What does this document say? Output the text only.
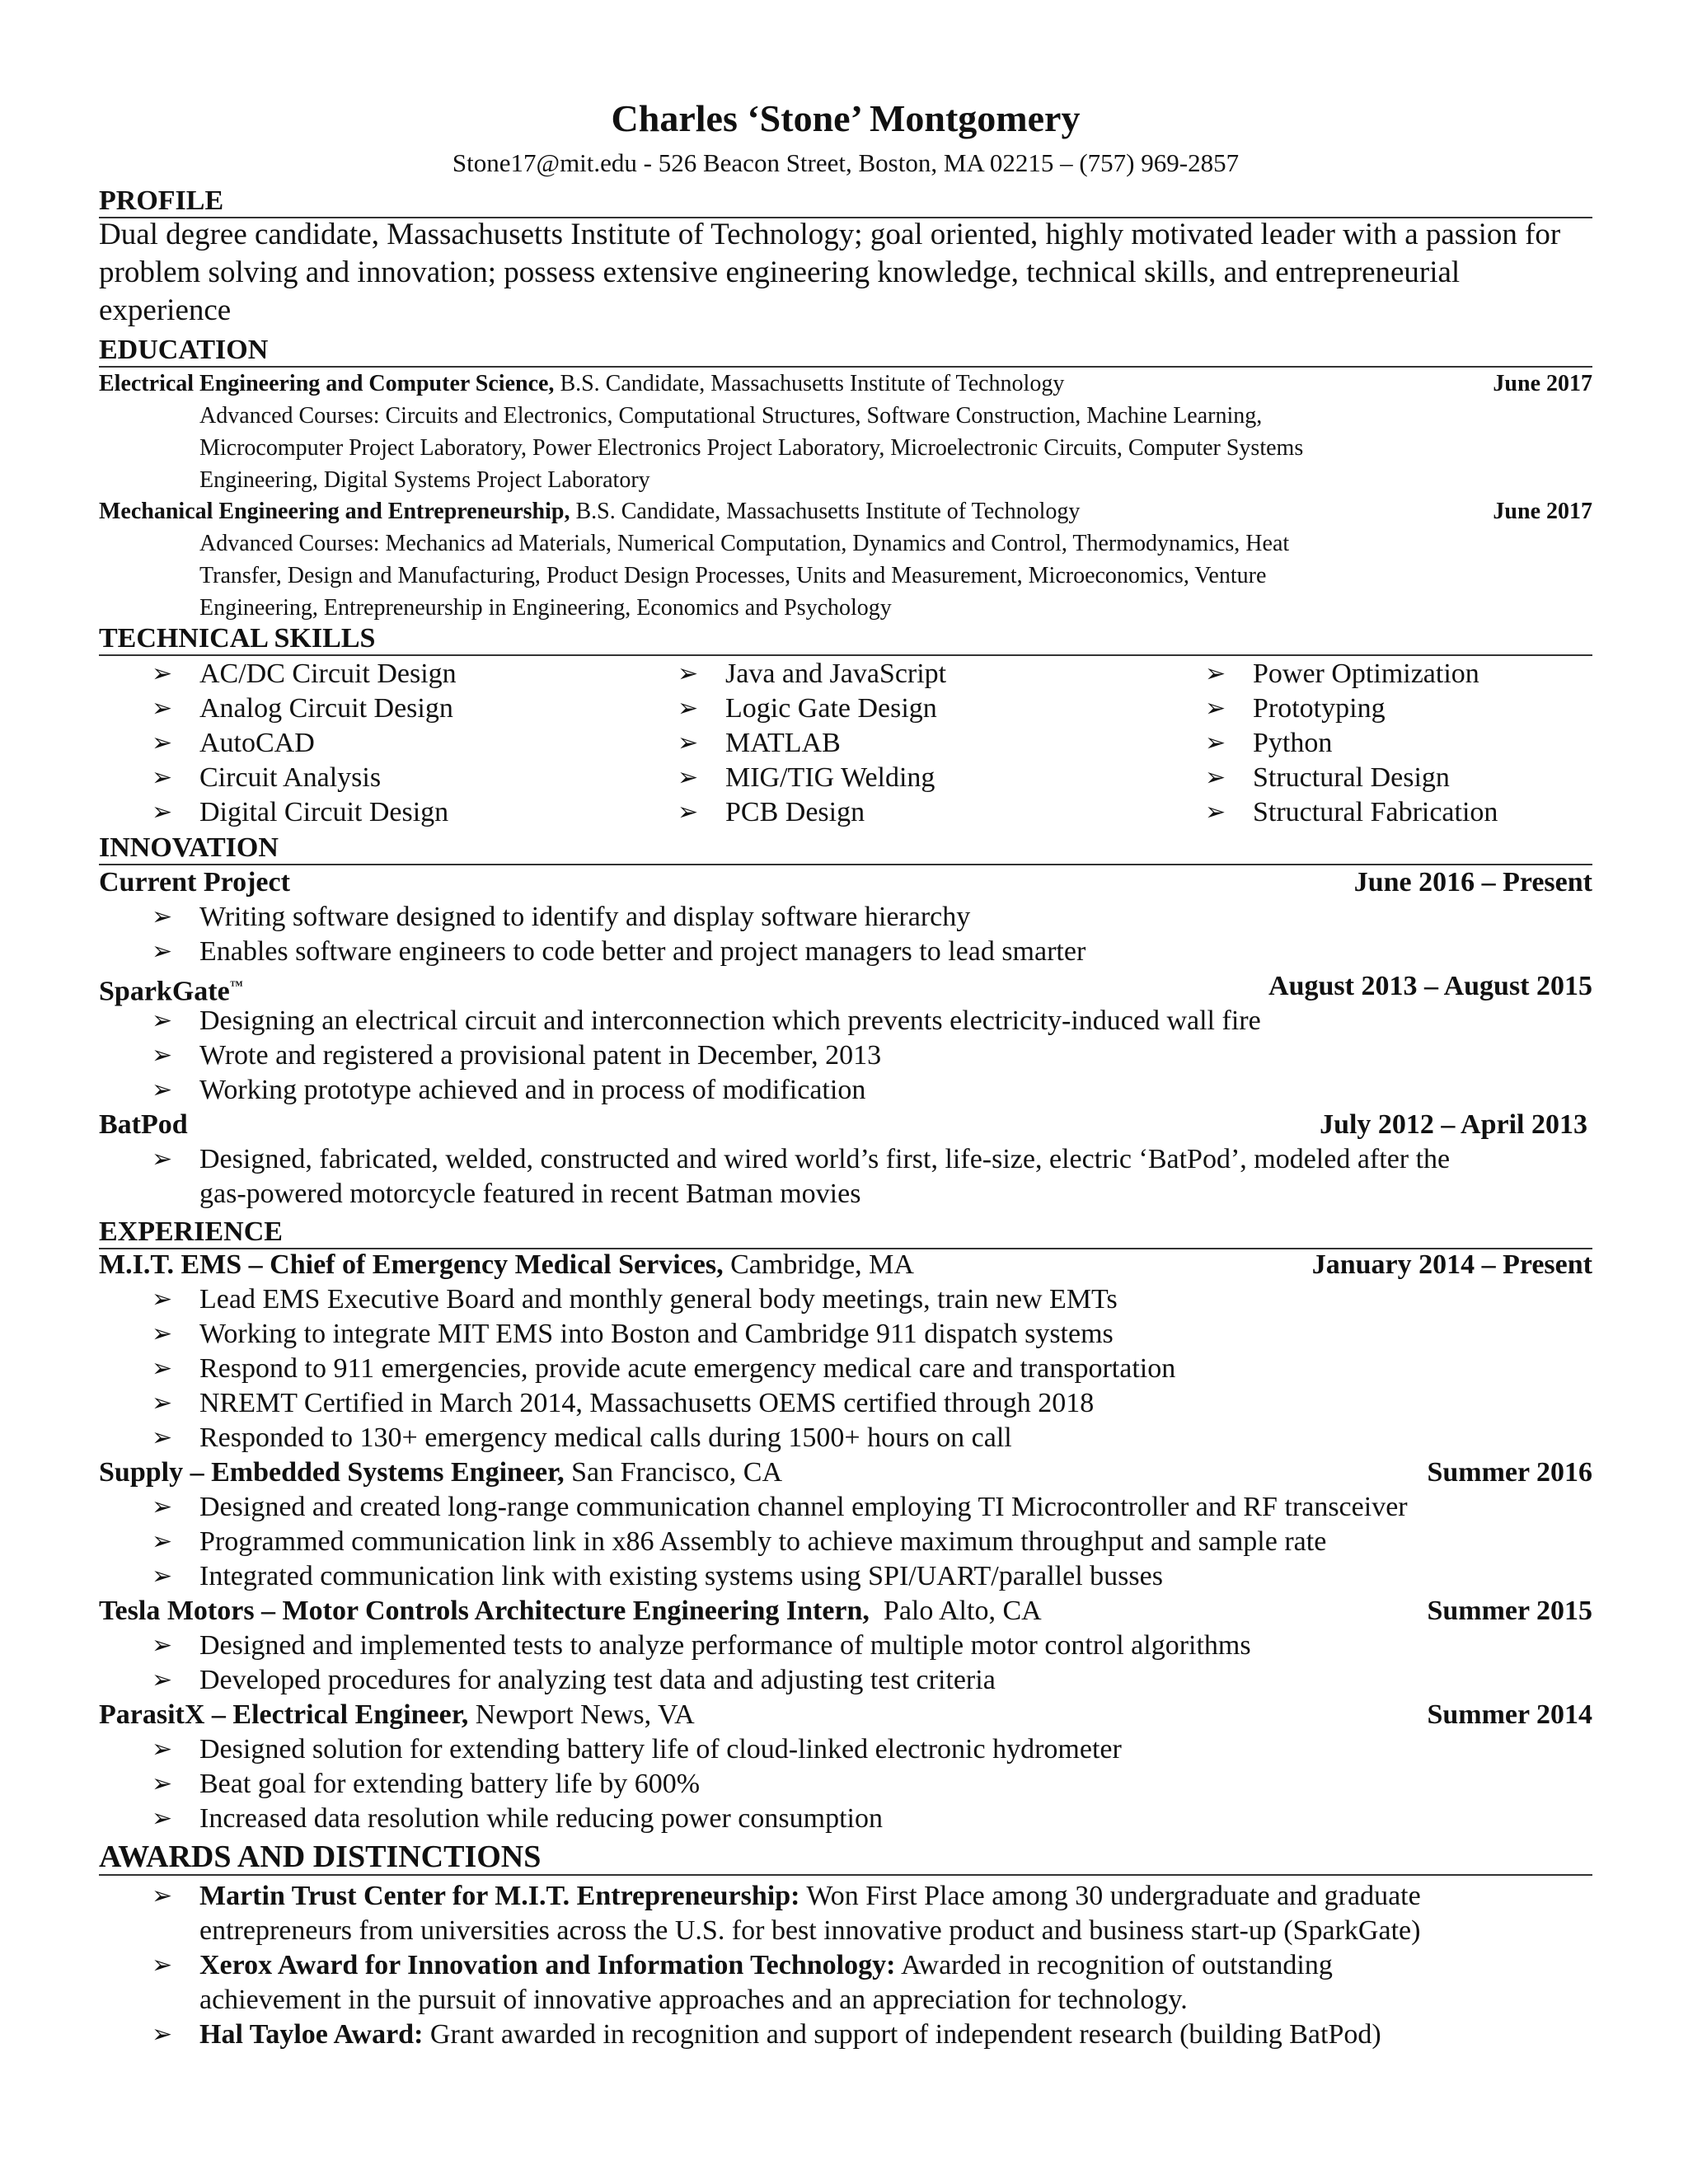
Charles ‘Stone’ Montgomery
Stone17@mit.edu - 526 Beacon Street, Boston, MA 02215 – (757) 969-2857
PROFILE
Dual degree candidate, Massachusetts Institute of Technology; goal oriented, highly motivated leader with a passion for problem solving and innovation; possess extensive engineering knowledge, technical skills, and entrepreneurial experience
EDUCATION
Electrical Engineering and Computer Science, B.S. Candidate, Massachusetts Institute of Technology	June 2017
Advanced Courses: Circuits and Electronics, Computational Structures, Software Construction, Machine Learning,
Microcomputer Project Laboratory, Power Electronics Project Laboratory, Microelectronic Circuits, Computer Systems
Engineering, Digital Systems Project Laboratory
Mechanical Engineering and Entrepreneurship, B.S. Candidate, Massachusetts Institute of Technology	June 2017
Advanced Courses: Mechanics ad Materials, Numerical Computation, Dynamics and Control, Thermodynamics, Heat
Transfer, Design and Manufacturing, Product Design Processes, Units and Measurement, Microeconomics, Venture
Engineering, Entrepreneurship in Engineering, Economics and Psychology
TECHNICAL SKILLS
➢ AC/DC Circuit Design
➢ Analog Circuit Design
➢ AutoCAD
➢ Circuit Analysis
➢ Digital Circuit Design
➢ Java and JavaScript
➢ Logic Gate Design
➢ MATLAB
➢ MIG/TIG Welding
➢ PCB Design
➢ Power Optimization
➢ Prototyping
➢ Python
➢ Structural Design
➢ Structural Fabrication
INNOVATION
Current Project	June 2016 – Present
➢ Writing software designed to identify and display software hierarchy
➢ Enables software engineers to code better and project managers to lead smarter
SparkGate™	August 2013 – August 2015
➢ Designing an electrical circuit and interconnection which prevents electricity-induced wall fire
➢ Wrote and registered a provisional patent in December, 2013
➢ Working prototype achieved and in process of modification
BatPod	July 2012 – April 2013
➢ Designed, fabricated, welded, constructed and wired world’s first, life-size, electric ‘BatPod’, modeled after the
gas-powered motorcycle featured in recent Batman movies
EXPERIENCE
M.I.T. EMS – Chief of Emergency Medical Services, Cambridge, MA	January 2014 – Present
➢ Lead EMS Executive Board and monthly general body meetings, train new EMTs
➢ Working to integrate MIT EMS into Boston and Cambridge 911 dispatch systems
➢ Respond to 911 emergencies, provide acute emergency medical care and transportation
➢ NREMT Certified in March 2014, Massachusetts OEMS certified through 2018
➢ Responded to 130+ emergency medical calls during 1500+ hours on call
Supply – Embedded Systems Engineer, San Francisco, CA	Summer 2016
➢ Designed and created long-range communication channel employing TI Microcontroller and RF transceiver
➢ Programmed communication link in x86 Assembly to achieve maximum throughput and sample rate
➢ Integrated communication link with existing systems using SPI/UART/parallel busses
Tesla Motors – Motor Controls Architecture Engineering Intern,  Palo Alto, CA	Summer 2015
➢ Designed and implemented tests to analyze performance of multiple motor control algorithms
➢ Developed procedures for analyzing test data and adjusting test criteria
ParasitX – Electrical Engineer, Newport News, VA	Summer 2014
➢ Designed solution for extending battery life of cloud-linked electronic hydrometer
➢ Beat goal for extending battery life by 600%
➢ Increased data resolution while reducing power consumption
AWARDS AND DISTINCTIONS
➢ Martin Trust Center for M.I.T. Entrepreneurship: Won First Place among 30 undergraduate and graduate
entrepreneurs from universities across the U.S. for best innovative product and business start-up (SparkGate)
➢ Xerox Award for Innovation and Information Technology: Awarded in recognition of outstanding
achievement in the pursuit of innovative approaches and an appreciation for technology.
➢ Hal Tayloe Award: Grant awarded in recognition and support of independent research (building BatPod)
